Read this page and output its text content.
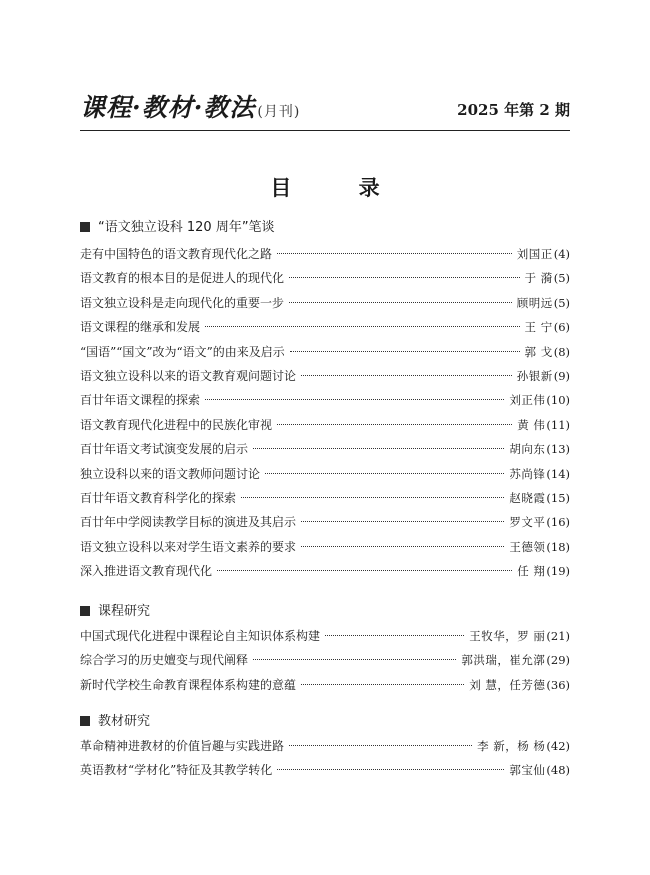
课程·教材·教法 (月刊)	2025 年第 2 期
目 录
“语文独立设科 120 周年”笔谈
走有中国特色的语文教育现代化之路	刘国正 (4)
语文教育的根本目的是促进人的现代化	于 漪 (5)
语文独立设科是走向现代化的重要一步	顾明远 (5)
语文课程的继承和发展	王 宁 (6)
“国语”“国文”改为“语文”的由来及启示	郭 戈 (8)
语文独立设科以来的语文教育观问题讨论	孙银新 (9)
百廿年语文课程的探索	刘正伟 (10)
语文教育现代化进程中的民族化审视	黄 伟 (11)
百廿年语文考试演变发展的启示	胡向东 (13)
独立设科以来的语文教师问题讨论	苏尚锋 (14)
百廿年语文教育科学化的探索	赵晓霞 (15)
百廿年中学阅读教学目标的演进及其启示	罗文平 (16)
语文独立设科以来对学生语文素养的要求	王德领 (18)
深入推进语文教育现代化	任 翔 (19)
课程研究
中国式现代化进程中课程论自主知识体系构建	王牧华，罗 丽 (21)
综合学习的历史嬗变与现代阐释	郭洪瑞，崔允漷 (29)
新时代学校生命教育课程体系构建的意蕴	刘 慧，任芳德 (36)
教材研究
革命精神进教材的价值旨趣与实践进路	李 新，杨 杨 (42)
英语教材“学材化”特征及其教学转化	郭宝仙 (48)
